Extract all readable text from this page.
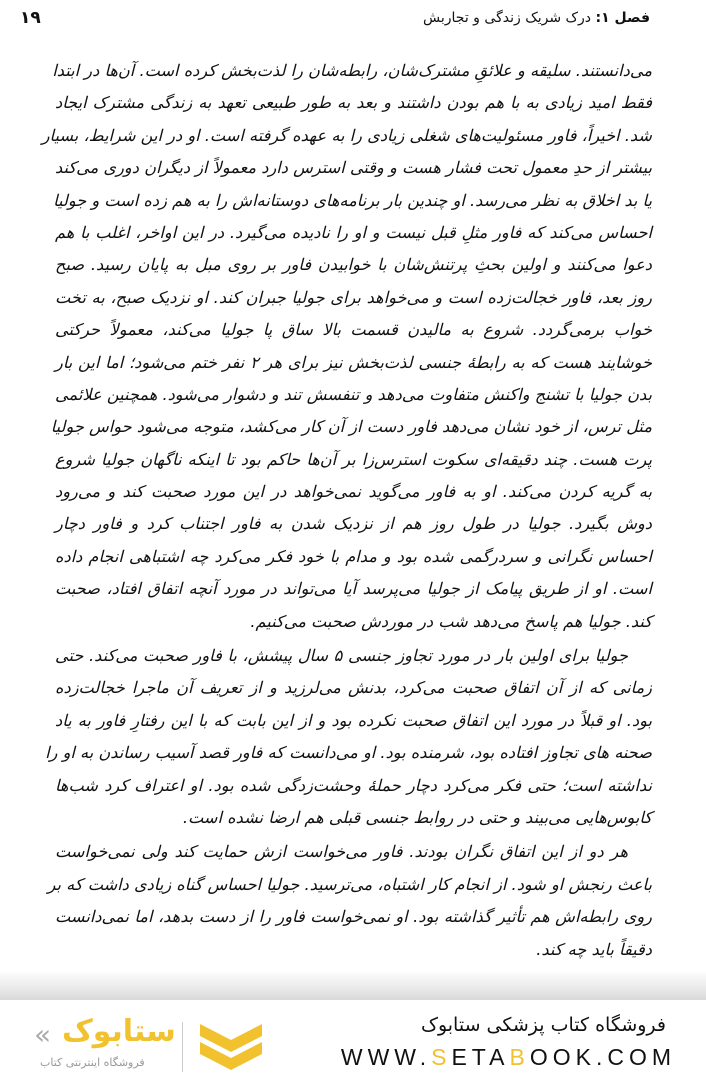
۱۹	فصل ۱: درک شریک زندگی و تجاربش
می‌دانستند. سلیقه و علائقِ مشترک‌شان، رابطه‌شان را لذت‌بخش کرده است. آن‌ها در ابتدا
فقط امید زیادی به با هم بودن داشتند و بعد به طور طبیعی تعهد به زندگی مشترک ایجاد
شد. اخیراً، فاور مسئولیت‌های شغلی زیادی را به عهده گرفته است. او در این شرایط، بسیار
بیشتر از حدِ معمول تحت فشار هست و وقتی استرس دارد معمولاً از دیگران دوری می‌کند
یا بد اخلاق به نظر می‌رسد. او چندین بار برنامه‌های دوستانه‌اش را به هم زده است و جولیا
احساس می‌کند که فاور مثلِ قبل نیست و او را نادیده می‌گیرد. در این اواخر، اغلب با هم
دعوا می‌کنند و اولین بحثِ پرتنش‌شان با خوابیدن فاور بر روی مبل به پایان رسید. صبح
روز بعد، فاور خجالت‌زده است و می‌خواهد برای جولیا جبران کند. او نزدیک صبح، به تخت
خواب برمی‌گردد. شروع به مالیدن قسمت بالا ساق پا جولیا می‌کند، معمولاً حرکتی
خوشایند هست که به رابطهٔ جنسی لذت‌بخش نیز برای هر ۲ نفر ختم می‌شود؛ اما این بار
بدن جولیا با تشنج واکنش متفاوت می‌دهد و تنفسش تند و دشوار می‌شود. همچنین علائمی
مثل ترس، از خود نشان می‌دهد فاور دست از آن کار می‌کشد، متوجه می‌شود حواس جولیا
پرت هست. چند دقیقه‌ای سکوت استرس‌زا بر آن‌ها حاکم بود تا اینکه ناگهان جولیا شروع
به گریه کردن می‌کند. او به فاور می‌گوید نمی‌خواهد در این مورد صحبت کند و می‌رود
دوش بگیرد. جولیا در طول روز هم از نزدیک شدن به فاور اجتناب کرد و فاور دچار
احساس نگرانی و سردرگمی شده بود و مدام با خود فکر می‌کرد چه اشتباهی انجام داده
است. او از طریق پیامک از جولیا می‌پرسد آیا می‌تواند در مورد آنچه اتفاق افتاد، صحبت
کند. جولیا هم پاسخ می‌دهد شب در موردش صحبت می‌کنیم.
جولیا برای اولین بار در مورد تجاوز جنسی ۵ سال پیشش، با فاور صحبت می‌کند. حتی
زمانی که از آن اتفاق صحبت می‌کرد، بدنش می‌لرزید و از تعریف آن ماجرا خجالت‌زده
بود. او قبلاً در مورد این اتفاق صحبت نکرده بود و از این بابت که با این رفتارِ فاور به یاد
صحنه های تجاوز افتاده بود، شرمنده بود. او می‌دانست که فاور قصد آسیب رساندن به او را
نداشته است؛ حتی فکر می‌کرد دچار حملهٔ وحشت‌زدگی شده بود. او اعتراف کرد شب‌ها
کابوس‌هایی می‌بیند و حتی در روابط جنسی قبلی هم ارضا نشده است.
هر دو از این اتفاق نگران بودند. فاور می‌خواست ازش حمایت کند ولی نمی‌خواست
باعث رنجش او شود. از انجام کار اشتباه، می‌ترسید. جولیا احساس گناه زیادی داشت که بر
روی رابطه‌اش هم تأثیر گذاشته بود. او نمی‌خواست فاور را از دست بدهد، اما نمی‌دانست
دقیقاً باید چه کند.
« ستابوک
فروشگاه اینترنتی کتاب
فروشگاه کتاب پزشکی ستابوک
WWW.SETABOOK.COM
